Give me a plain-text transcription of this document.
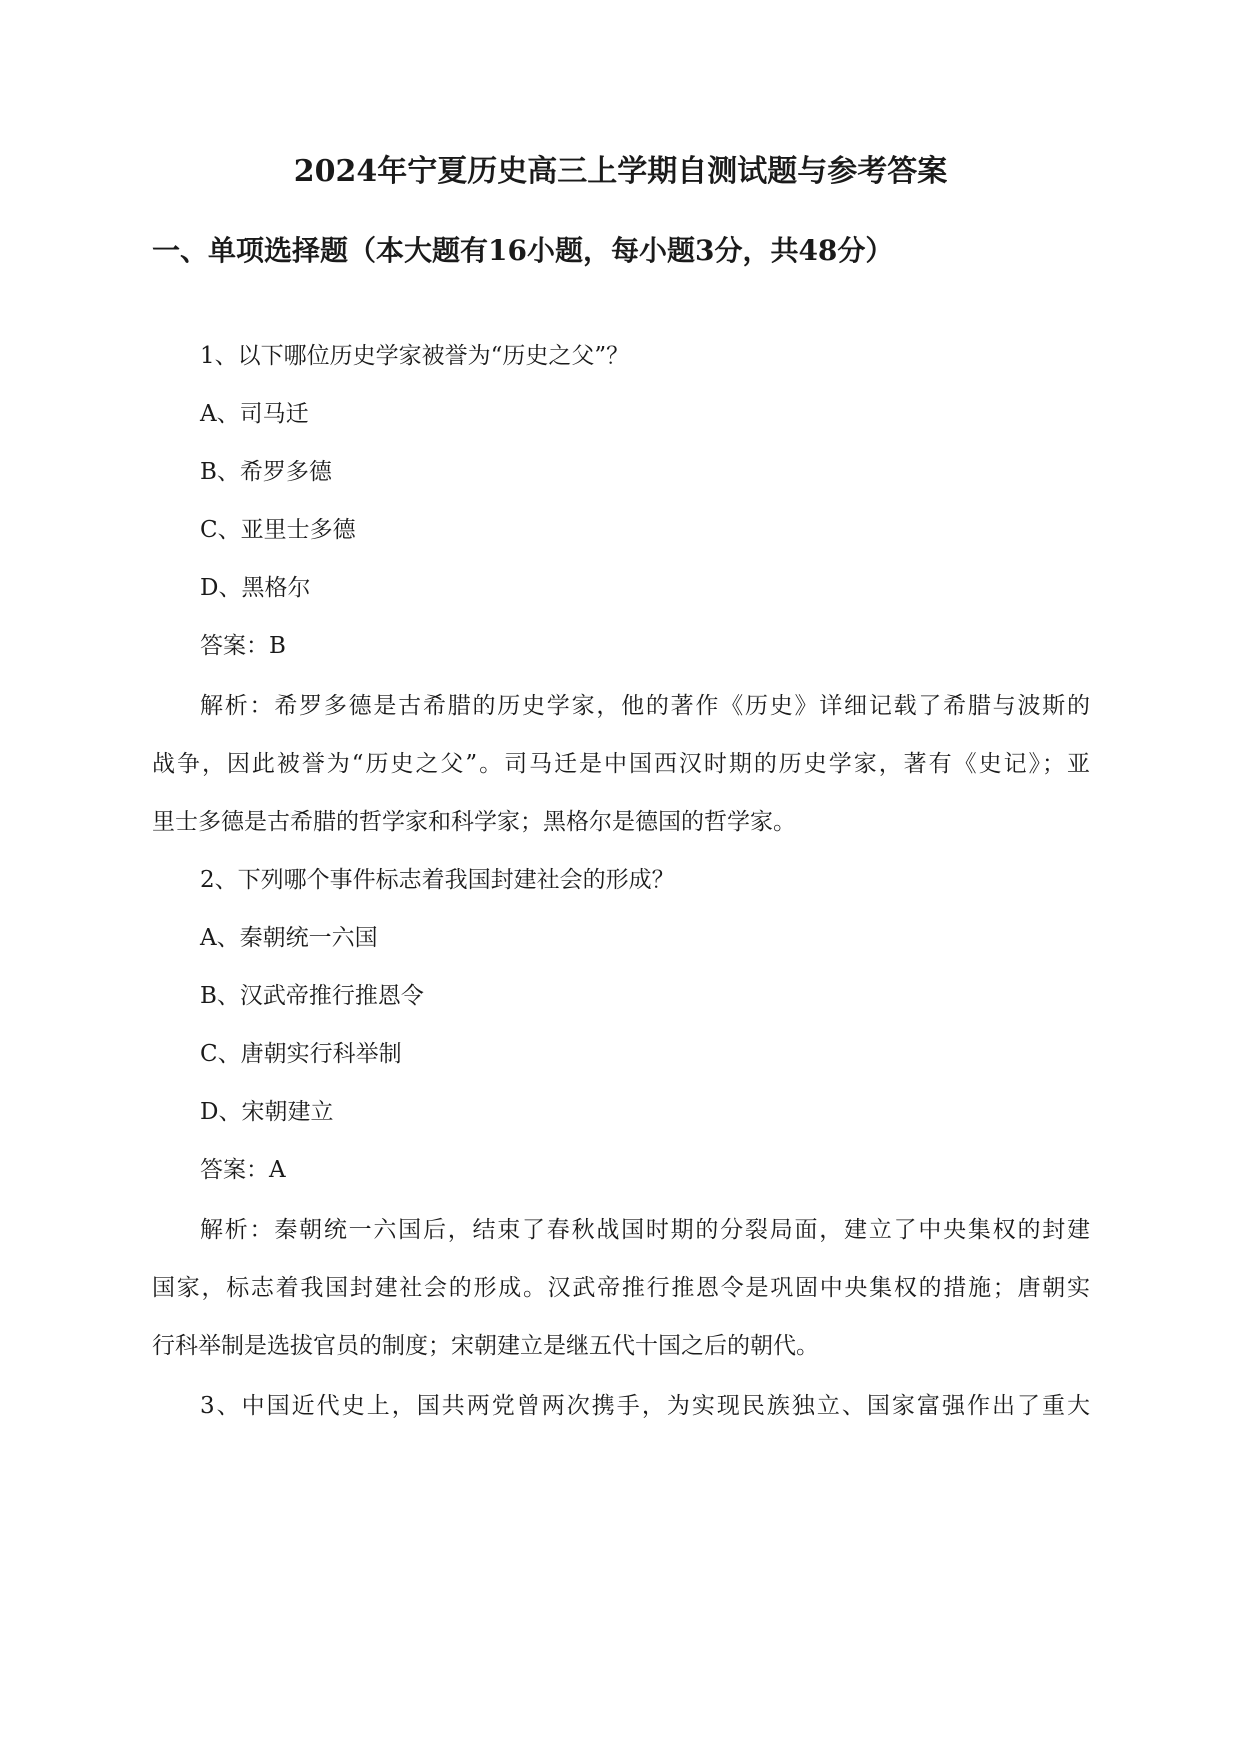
2024年宁夏历史高三上学期自测试题与参考答案
一、单项选择题（本大题有16小题，每小题3分，共48分）
1、以下哪位历史学家被誉为“历史之父”？
A、司马迁
B、希罗多德
C、亚里士多德
D、黑格尔
答案：B
解析：希罗多德是古希腊的历史学家，他的著作《历史》详细记载了希腊与波斯的
战争，因此被誉为“历史之父”。司马迁是中国西汉时期的历史学家，著有《史记》；亚
里士多德是古希腊的哲学家和科学家；黑格尔是德国的哲学家。
2、下列哪个事件标志着我国封建社会的形成？
A、秦朝统一六国
B、汉武帝推行推恩令
C、唐朝实行科举制
D、宋朝建立
答案：A
解析：秦朝统一六国后，结束了春秋战国时期的分裂局面，建立了中央集权的封建
国家，标志着我国封建社会的形成。汉武帝推行推恩令是巩固中央集权的措施；唐朝实
行科举制是选拔官员的制度；宋朝建立是继五代十国之后的朝代。
3、中国近代史上，国共两党曾两次携手，为实现民族独立、国家富强作出了重大
